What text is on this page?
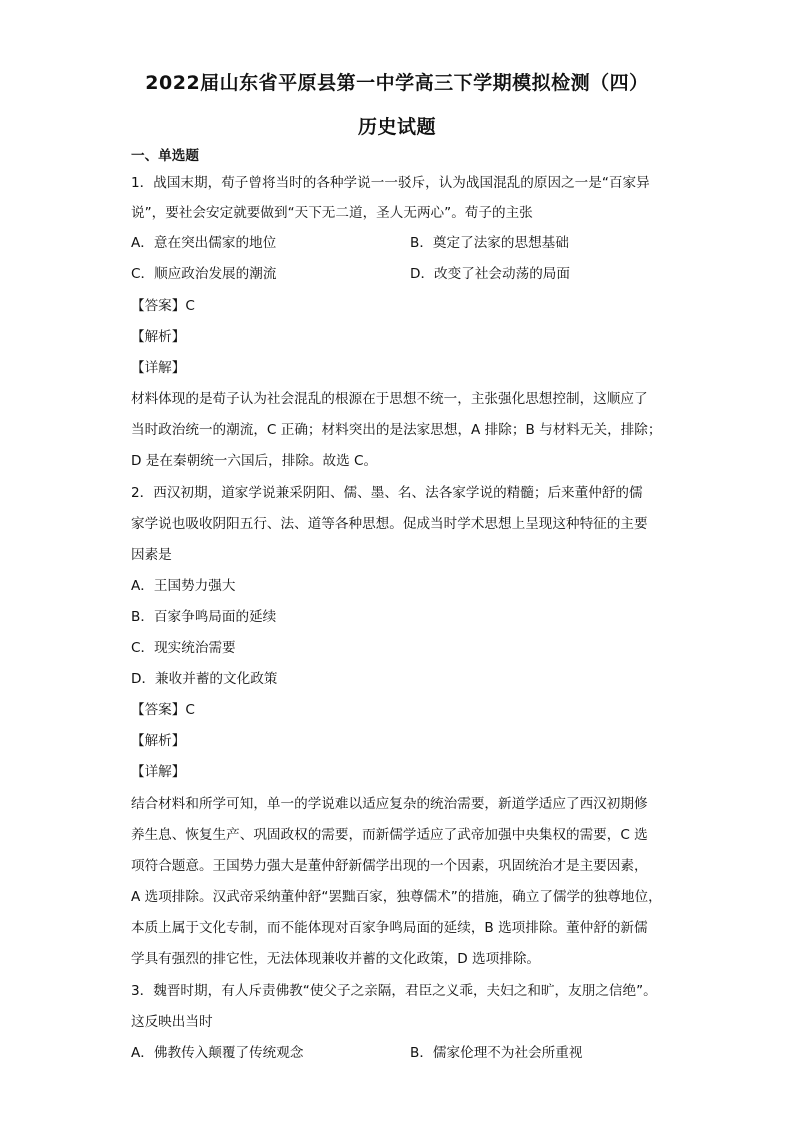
2022届山东省平原县第一中学高三下学期模拟检测（四）
历史试题
一、单选题
1．战国末期，荀子曾将当时的各种学说一一驳斥，认为战国混乱的原因之一是“百家异
说”，要社会安定就要做到“天下无二道，圣人无两心”。荀子的主张
A．意在突出儒家的地位	B．奠定了法家的思想基础
C．顺应政治发展的潮流	D．改变了社会动荡的局面
【答案】C
【解析】
【详解】
材料体现的是荀子认为社会混乱的根源在于思想不统一，主张强化思想控制，这顺应了
当时政治统一的潮流，C 正确；材料突出的是法家思想，A 排除；B 与材料无关，排除；
D 是在秦朝统一六国后，排除。故选 C。
2．西汉初期，道家学说兼采阴阳、儒、墨、名、法各家学说的精髓；后来董仲舒的儒
家学说也吸收阴阳五行、法、道等各种思想。促成当时学术思想上呈现这种特征的主要
因素是
A．王国势力强大
B．百家争鸣局面的延续
C．现实统治需要
D．兼收并蓄的文化政策
【答案】C
【解析】
【详解】
结合材料和所学可知，单一的学说难以适应复杂的统治需要，新道学适应了西汉初期修
养生息、恢复生产、巩固政权的需要，而新儒学适应了武帝加强中央集权的需要，C 选
项符合题意。王国势力强大是董仲舒新儒学出现的一个因素，巩固统治才是主要因素，
A 选项排除。汉武帝采纳董仲舒“罢黜百家，独尊儒术”的措施，确立了儒学的独尊地位，
本质上属于文化专制，而不能体现对百家争鸣局面的延续，B 选项排除。董仲舒的新儒
学具有强烈的排它性，无法体现兼收并蓄的文化政策，D 选项排除。
3．魏晋时期，有人斥责佛教“使父子之亲隔，君臣之义乖，夫妇之和旷，友朋之信绝”。
这反映出当时
A．佛教传入颠覆了传统观念	B．儒家伦理不为社会所重视
